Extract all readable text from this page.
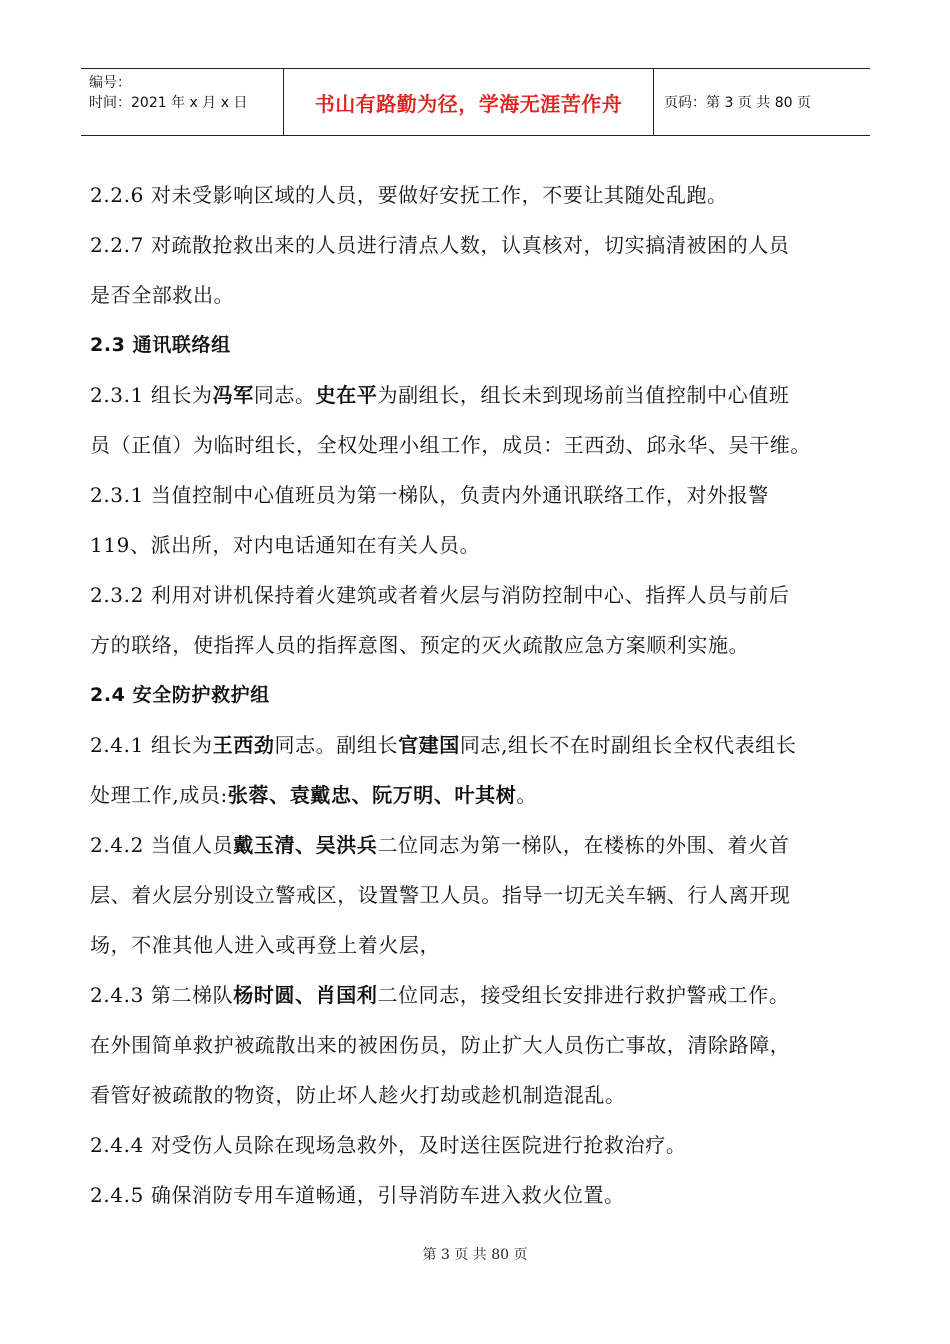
编号：
时间：2021 年 x 月 x 日	书山有路勤为径，学海无涯苦作舟	页码：第 3 页 共 80 页
2.2.6 对未受影响区域的人员，要做好安抚工作，不要让其随处乱跑。
2.2.7 对疏散抢救出来的人员进行清点人数，认真核对，切实搞清被困的人员
是否全部救出。
2.3 通讯联络组
2.3.1 组长为冯军同志。史在平为副组长，组长未到现场前当值控制中心值班
员（正值）为临时组长，全权处理小组工作，成员：王西劲、邱永华、吴干维。
2.3.1 当值控制中心值班员为第一梯队，负责内外通讯联络工作，对外报警
119、派出所，对内电话通知在有关人员。
2.3.2 利用对讲机保持着火建筑或者着火层与消防控制中心、指挥人员与前后
方的联络，使指挥人员的指挥意图、预定的灭火疏散应急方案顺利实施。
2.4 安全防护救护组
2.4.1 组长为王西劲同志。副组长官建国同志,组长不在时副组长全权代表组长
处理工作,成员:张蓉、袁戴忠、阮万明、叶其树。
2.4.2 当值人员戴玉清、吴洪兵二位同志为第一梯队，在楼栋的外围、着火首
层、着火层分别设立警戒区，设置警卫人员。指导一切无关车辆、行人离开现
场，不准其他人进入或再登上着火层，
2.4.3 第二梯队杨时圆、肖国利二位同志，接受组长安排进行救护警戒工作。
在外围简单救护被疏散出来的被困伤员，防止扩大人员伤亡事故，清除路障，
看管好被疏散的物资，防止坏人趁火打劫或趁机制造混乱。
2.4.4 对受伤人员除在现场急救外，及时送往医院进行抢救治疗。
2.4.5 确保消防专用车道畅通，引导消防车进入救火位置。
第 3 页 共 80 页
